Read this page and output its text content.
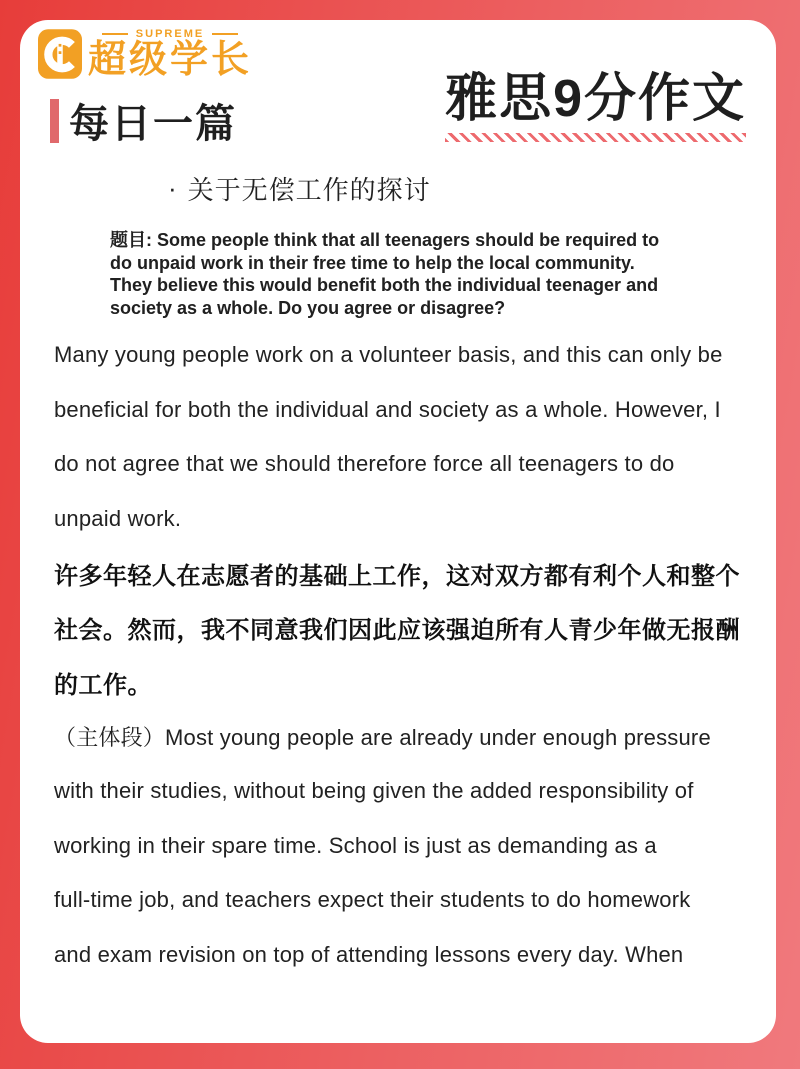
SUPREME
超级学长
每日一篇	雅思9分作文
· 关于无偿工作的探讨
题目: Some people think that all teenagers should be required to
do unpaid work in their free time to help the local community.
They believe this would benefit both the individual teenager and
society as a whole. Do you agree or disagree?
Many young people work on a volunteer basis, and this can only be
beneficial for both the individual and society as a whole. However, I
do not agree that we should therefore force all teenagers to do
unpaid work.
许多年轻人在志愿者的基础上工作，这对双方都有利个人和整个
社会。然而，我不同意我们因此应该强迫所有人青少年做无报酬
的工作。
（主体段）Most young people are already under enough pressure
with their studies, without being given the added responsibility of
working in their spare time. School is just as demanding as a
full-time job, and teachers expect their students to do homework
and exam revision on top of attending lessons every day. When
